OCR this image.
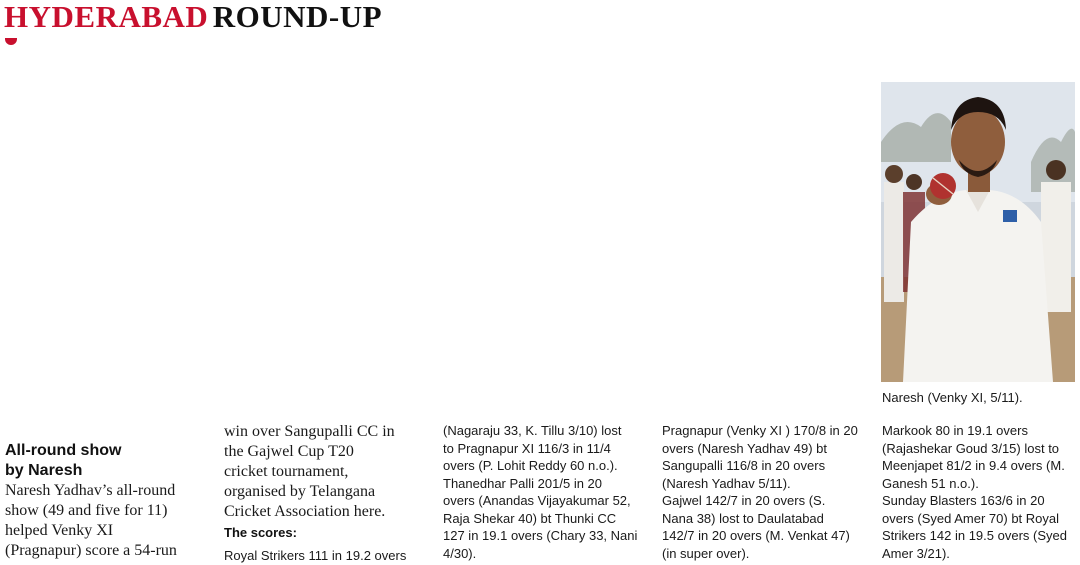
HYDERABAD ROUND-UP
All-round show
by Naresh
Naresh Yadhav’s all-round
show (49 and five for 11)
helped Venky XI
(Pragnapur) score a 54-run
win over Sangupalli CC in
the Gajwel Cup T20
cricket tournament,
organised by Telangana
Cricket Association here.
The scores:
Royal Strikers 111 in 19.2 overs
(Nagaraju 33, K. Tillu 3/10) lost
to Pragnapur XI 116/3 in 11/4
overs (P. Lohit Reddy 60 n.o.).
Thanedhar Palli 201/5 in 20
overs (Anandas Vijayakumar 52,
Raja Shekar 40) bt Thunki CC
127 in 19.1 overs (Chary 33, Nani
4/30).
Pragnapur (Venky XI ) 170/8 in 20
overs (Naresh Yadhav 49) bt
Sangupalli 116/8 in 20 overs
(Naresh Yadhav 5/11).
Gajwel 142/7 in 20 overs (S.
Nana 38) lost to Daulatabad
142/7 in 20 overs (M. Venkat 47)
(in super over).
Markook 80 in 19.1 overs
(Rajashekar Goud 3/15) lost to
Meenjapet 81/2 in 9.4 overs (M.
Ganesh 51 n.o.).
Sunday Blasters 163/6 in 20
overs (Syed Amer 70) bt Royal
Strikers 142 in 19.5 overs (Syed
Amer 3/21).
Naresh (Venky XI, 5/11).
